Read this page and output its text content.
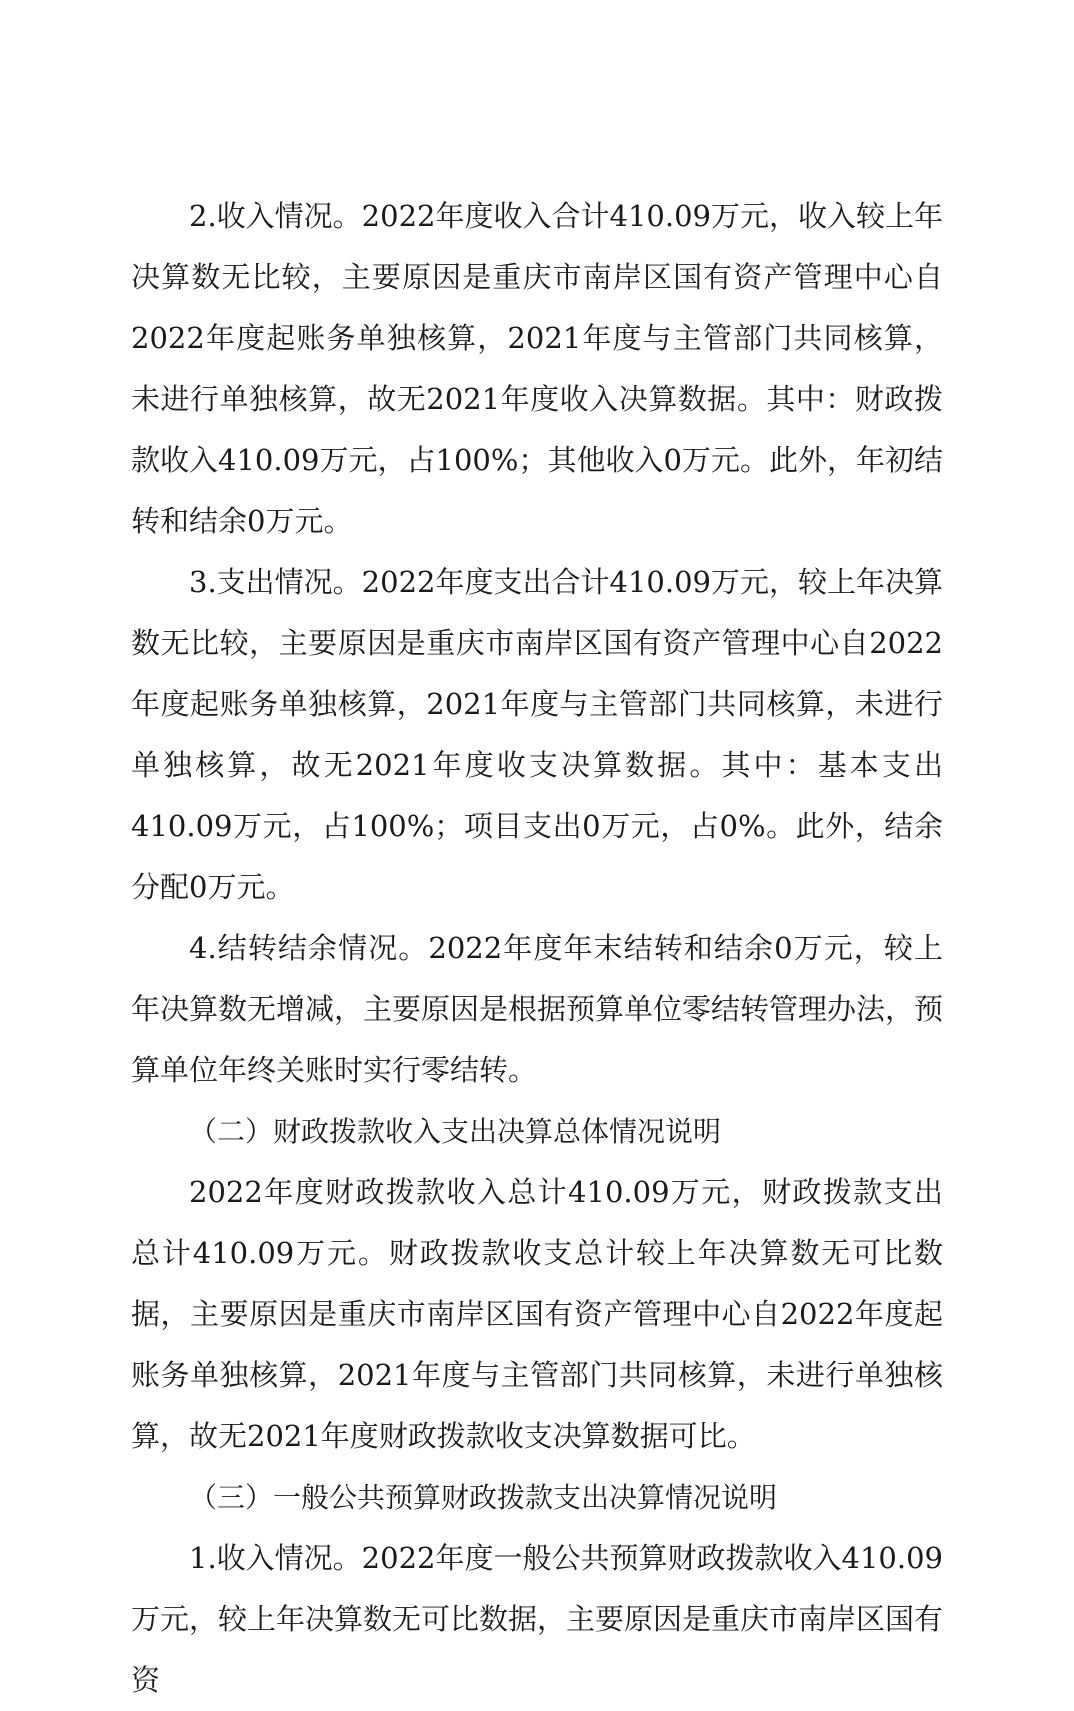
2.收入情况。2022年度收入合计410.09万元，收入较上年决算数无比较，主要原因是重庆市南岸区国有资产管理中心自2022年度起账务单独核算，2021年度与主管部门共同核算，未进行单独核算，故无2021年度收入决算数据。其中：财政拨款收入410.09万元，占100%；其他收入0万元。此外，年初结转和结余0万元。

3.支出情况。2022年度支出合计410.09万元，较上年决算数无比较，主要原因是重庆市南岸区国有资产管理中心自2022年度起账务单独核算，2021年度与主管部门共同核算，未进行单独核算，故无2021年度收支决算数据。其中：基本支出410.09万元，占100%；项目支出0万元，占0%。此外，结余分配0万元。

4.结转结余情况。2022年度年末结转和结余0万元，较上年决算数无增减，主要原因是根据预算单位零结转管理办法，预算单位年终关账时实行零结转。

（二）财政拨款收入支出决算总体情况说明

2022年度财政拨款收入总计410.09万元，财政拨款支出总计410.09万元。财政拨款收支总计较上年决算数无可比数据，主要原因是重庆市南岸区国有资产管理中心自2022年度起账务单独核算，2021年度与主管部门共同核算，未进行单独核算，故无2021年度财政拨款收支决算数据可比。

（三）一般公共预算财政拨款支出决算情况说明

1.收入情况。2022年度一般公共预算财政拨款收入410.09万元，较上年决算数无可比数据，主要原因是重庆市南岸区国有资
